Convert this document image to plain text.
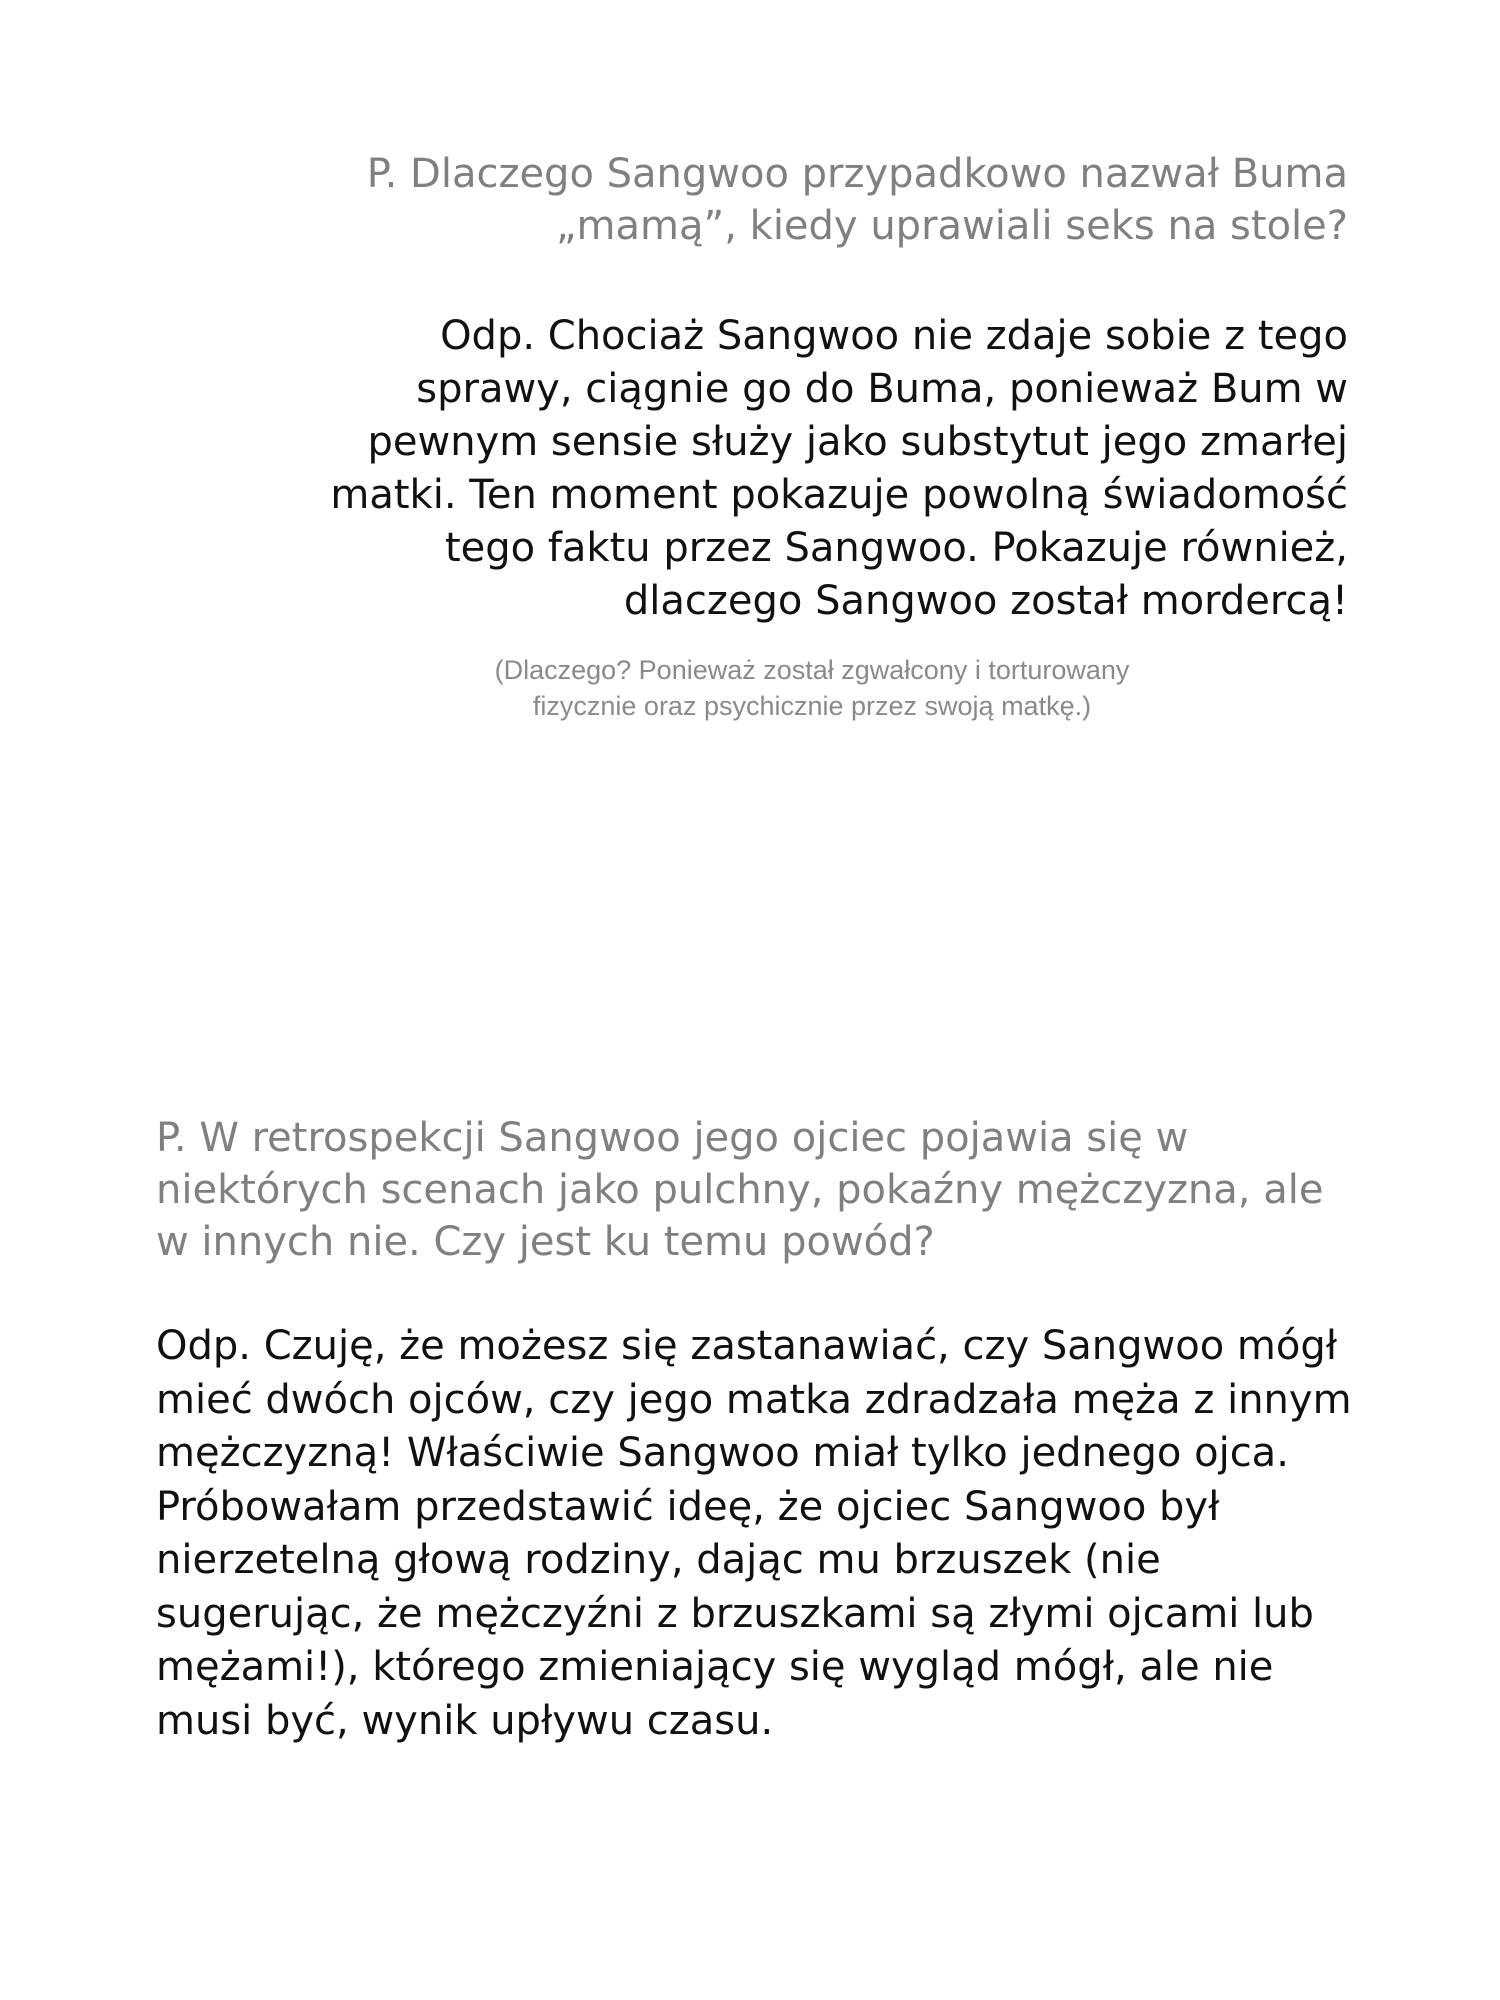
P. Dlaczego Sangwoo przypadkowo nazwał Buma
„mamą”, kiedy uprawiali seks na stole?

Odp. Chociaż Sangwoo nie zdaje sobie z tego
sprawy, ciągnie go do Buma, ponieważ Bum w
pewnym sensie służy jako substytut jego zmarłej
matki. Ten moment pokazuje powolną świadomość
tego faktu przez Sangwoo. Pokazuje również,
dlaczego Sangwoo został mordercą!

(Dlaczego? Ponieważ został zgwałcony i torturowany
fizycznie oraz psychicznie przez swoją matkę.)

P. W retrospekcji Sangwoo jego ojciec pojawia się w
niektórych scenach jako pulchny, pokaźny mężczyzna, ale
w innych nie. Czy jest ku temu powód?

Odp. Czuję, że możesz się zastanawiać, czy Sangwoo mógł
mieć dwóch ojców, czy jego matka zdradzała męża z innym
mężczyzną! Właściwie Sangwoo miał tylko jednego ojca.
Próbowałam przedstawić ideę, że ojciec Sangwoo był
nierzetelną głową rodziny, dając mu brzuszek (nie
sugerując, że mężczyźni z brzuszkami są złymi ojcami lub
mężami!), którego zmieniający się wygląd mógł, ale nie
musi być, wynik upływu czasu.
